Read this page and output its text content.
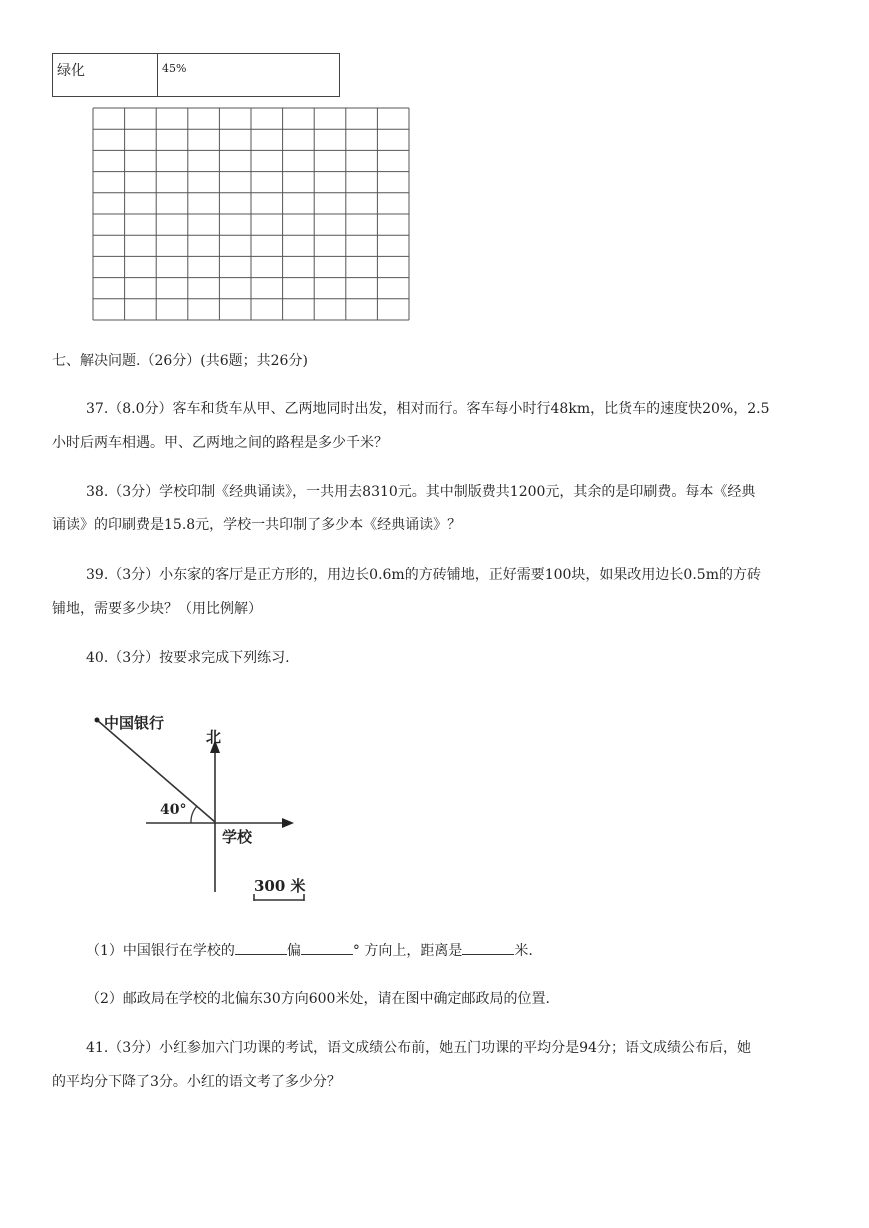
绿化	45%
七、解决问题.（26分）(共6题；共26分)
37.（8.0分）客车和货车从甲、乙两地同时出发，相对而行。客车每小时行48km，比货车的速度快20%，2.5
小时后两车相遇。甲、乙两地之间的路程是多少千米？
38.（3分）学校印制《经典诵读》，一共用去8310元。其中制版费共1200元，其余的是印刷费。每本《经典
诵读》的印刷费是15.8元，学校一共印制了多少本《经典诵读》？
39.（3分）小东家的客厅是正方形的，用边长0.6m的方砖铺地，正好需要100块，如果改用边长0.5m的方砖
铺地，需要多少块？（用比例解）
40.（3分）按要求完成下列练习.
中国银行
北
40°
学校
300 米
（1）中国银行在学校的	偏	° 方向上，距离是	米.
（2）邮政局在学校的北偏东30方向600米处，请在图中确定邮政局的位置.
41.（3分）小红参加六门功课的考试，语文成绩公布前，她五门功课的平均分是94分；语文成绩公布后，她
的平均分下降了3分。小红的语文考了多少分？
